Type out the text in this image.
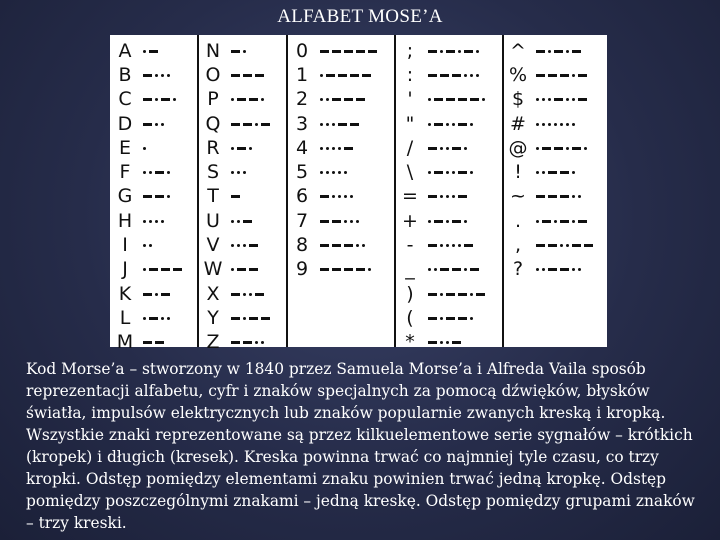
ALFABET MOSE’A
A
B
C
D
E
F
G
H
I
J
K
L
M
N
O
P
Q
R
S
T
U
V
W
X
Y
Z
0
1
2
3
4
5
6
7
8
9
;
:
'
"
/
\
=
+
-
_
)
(
*
^
%
$
#
@
!
~
.
,
?
Kod Morse’a – stworzony w 1840 przez Samuela Morse’a i Alfreda Vaila sposób reprezentacji alfabetu, cyfr i znaków specjalnych za pomocą dźwięków, błysków światła, impulsów elektrycznych lub znaków popularnie zwanych kreską i kropką. Wszystkie znaki reprezentowane są przez kilkuelementowe serie sygnałów – krótkich (kropek) i długich (kresek). Kreska powinna trwać co najmniej tyle czasu, co trzy kropki. Odstęp pomiędzy elementami znaku powinien trwać jedną kropkę. Odstęp pomiędzy poszczególnymi znakami – jedną kreskę. Odstęp pomiędzy grupami znaków – trzy kreski.
